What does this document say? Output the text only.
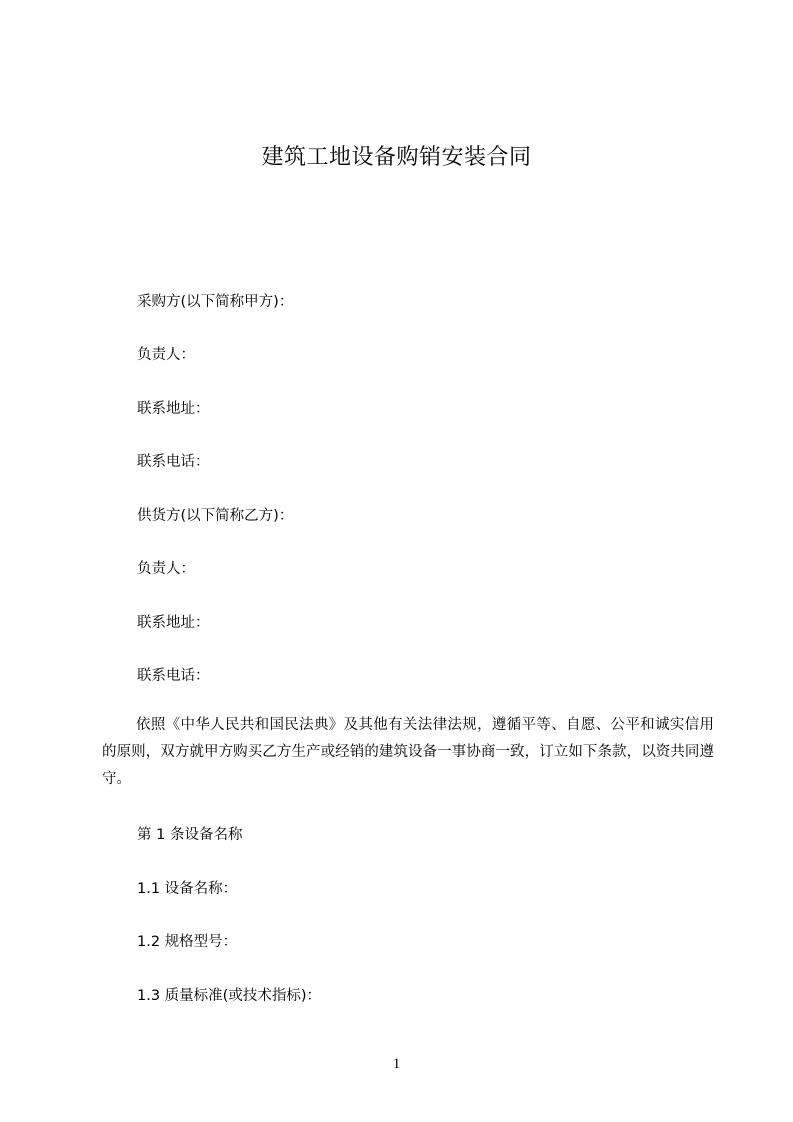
建筑工地设备购销安装合同
采购方(以下简称甲方)：
负责人：
联系地址：
联系电话：
供货方(以下简称乙方)：
负责人：
联系地址：
联系电话：
依照《中华人民共和国民法典》及其他有关法律法规，遵循平等、自愿、公平和诚实信用的原则，双方就甲方购买乙方生产或经销的建筑设备一事协商一致，订立如下条款，以资共同遵守。
第 1 条设备名称
1.1 设备名称：
1.2 规格型号：
1.3 质量标准(或技术指标)：
1
